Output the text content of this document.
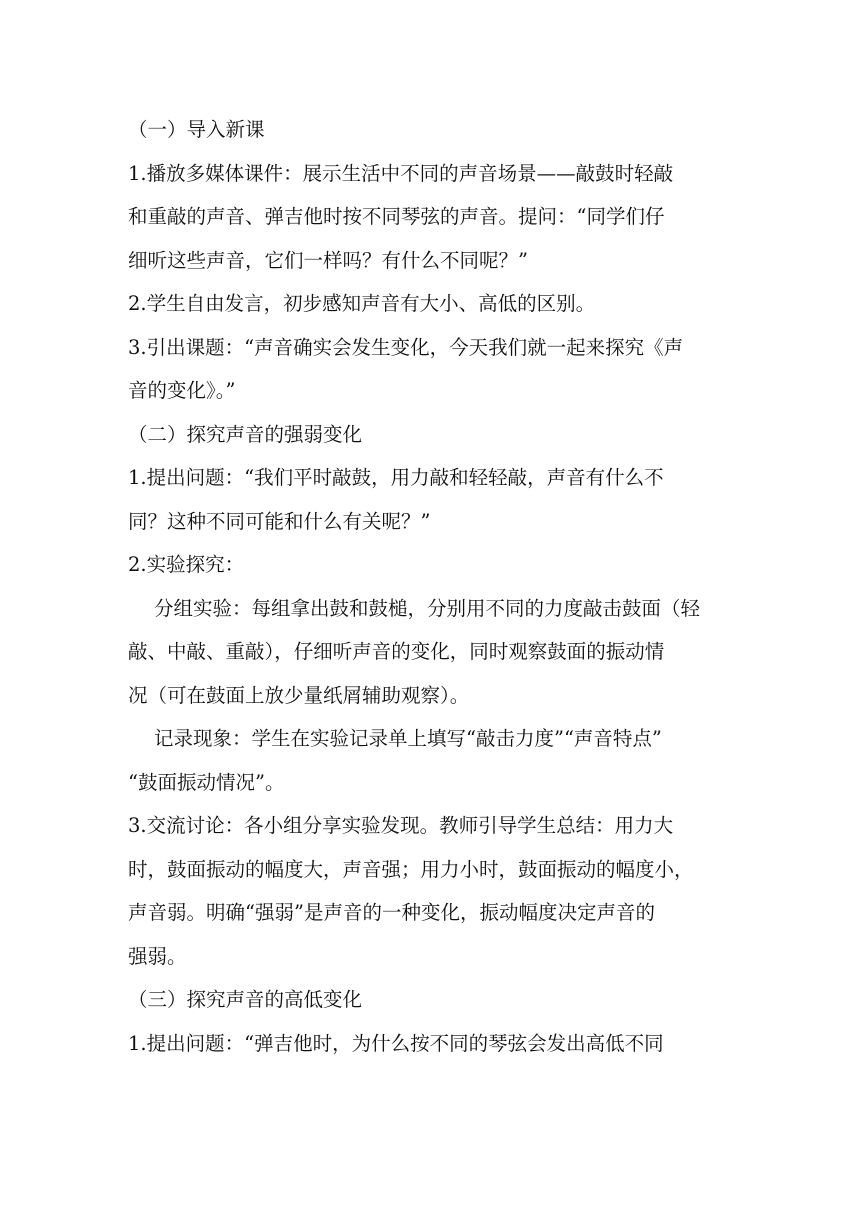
（一）导入新课
1.播放多媒体课件：展示生活中不同的声音场景——敲鼓时轻敲
和重敲的声音、弹吉他时按不同琴弦的声音。提问：“同学们仔
细听这些声音，它们一样吗？有什么不同呢？”
2.学生自由发言，初步感知声音有大小、高低的区别。
3.引出课题：“声音确实会发生变化，今天我们就一起来探究《声
音的变化》。”
（二）探究声音的强弱变化
1.提出问题：“我们平时敲鼓，用力敲和轻轻敲，声音有什么不
同？这种不同可能和什么有关呢？”
2.实验探究：
分组实验：每组拿出鼓和鼓槌，分别用不同的力度敲击鼓面（轻
敲、中敲、重敲），仔细听声音的变化，同时观察鼓面的振动情
况（可在鼓面上放少量纸屑辅助观察）。
记录现象：学生在实验记录单上填写“敲击力度”“声音特点”
“鼓面振动情况”。
3.交流讨论：各小组分享实验发现。教师引导学生总结：用力大
时，鼓面振动的幅度大，声音强；用力小时，鼓面振动的幅度小，
声音弱。明确“强弱”是声音的一种变化，振动幅度决定声音的
强弱。
（三）探究声音的高低变化
1.提出问题：“弹吉他时，为什么按不同的琴弦会发出高低不同
